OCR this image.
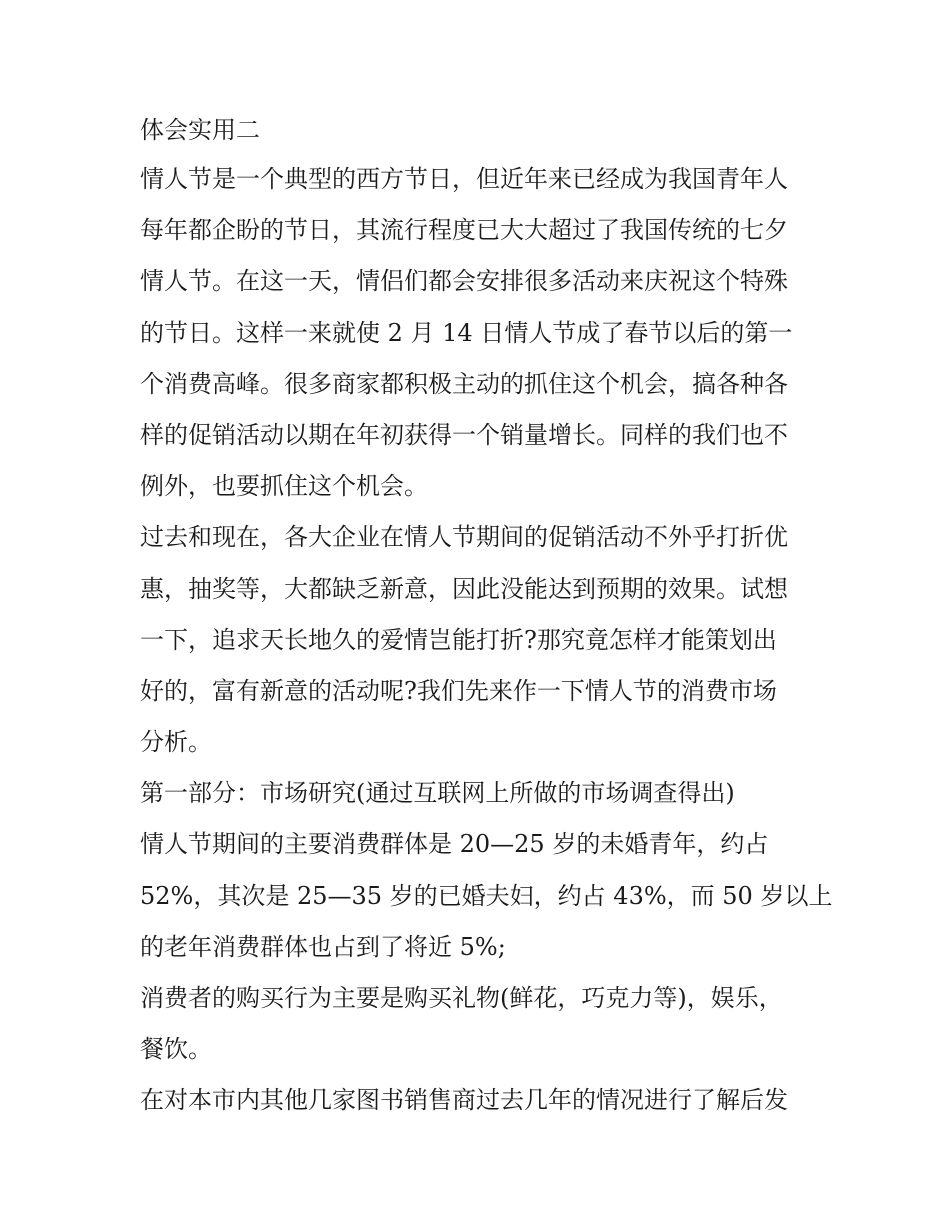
体会实用二
情人节是一个典型的西方节日，但近年来已经成为我国青年人
每年都企盼的节日，其流行程度已大大超过了我国传统的七夕
情人节。在这一天，情侣们都会安排很多活动来庆祝这个特殊
的节日。这样一来就使 2 月 14 日情人节成了春节以后的第一
个消费高峰。很多商家都积极主动的抓住这个机会，搞各种各
样的促销活动以期在年初获得一个销量增长。同样的我们也不
例外，也要抓住这个机会。
过去和现在，各大企业在情人节期间的促销活动不外乎打折优
惠，抽奖等，大都缺乏新意，因此没能达到预期的效果。试想
一下，追求天长地久的爱情岂能打折?那究竟怎样才能策划出
好的，富有新意的活动呢?我们先来作一下情人节的消费市场
分析。
第一部分：市场研究(通过互联网上所做的市场调查得出)
情人节期间的主要消费群体是 20—25 岁的未婚青年，约占
52%，其次是 25—35 岁的已婚夫妇，约占 43%，而 50 岁以上
的老年消费群体也占到了将近 5%;
消费者的购买行为主要是购买礼物(鲜花，巧克力等)，娱乐，
餐饮。
在对本市内其他几家图书销售商过去几年的情况进行了解后发
